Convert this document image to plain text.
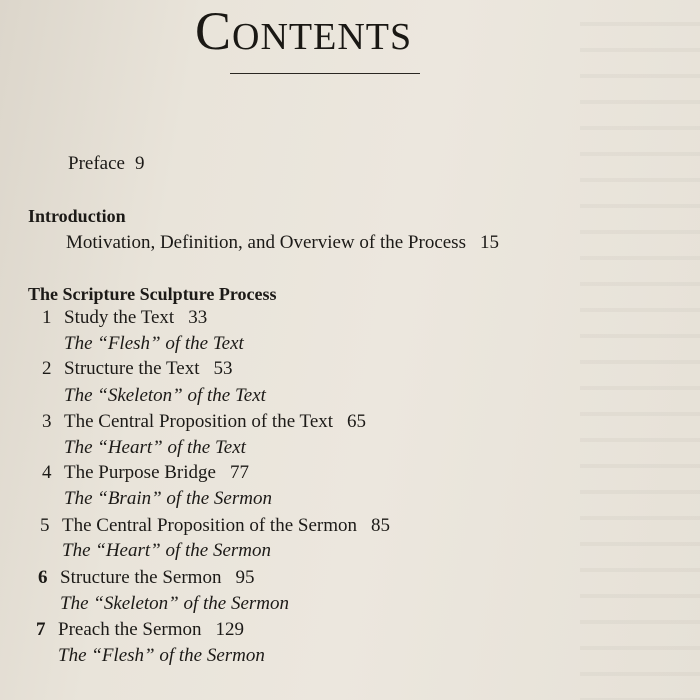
Contents
Preface 9
Introduction
Motivation, Definition, and Overview of the Process 15
The Scripture Sculpture Process
1 Study the Text 33
The “Flesh” of the Text
2 Structure the Text 53
The “Skeleton” of the Text
3 The Central Proposition of the Text 65
The “Heart” of the Text
4 The Purpose Bridge 77
The “Brain” of the Sermon
5 The Central Proposition of the Sermon 85
The “Heart” of the Sermon
6 Structure the Sermon 95
The “Skeleton” of the Sermon
7 Preach the Sermon 129
The “Flesh” of the Sermon
